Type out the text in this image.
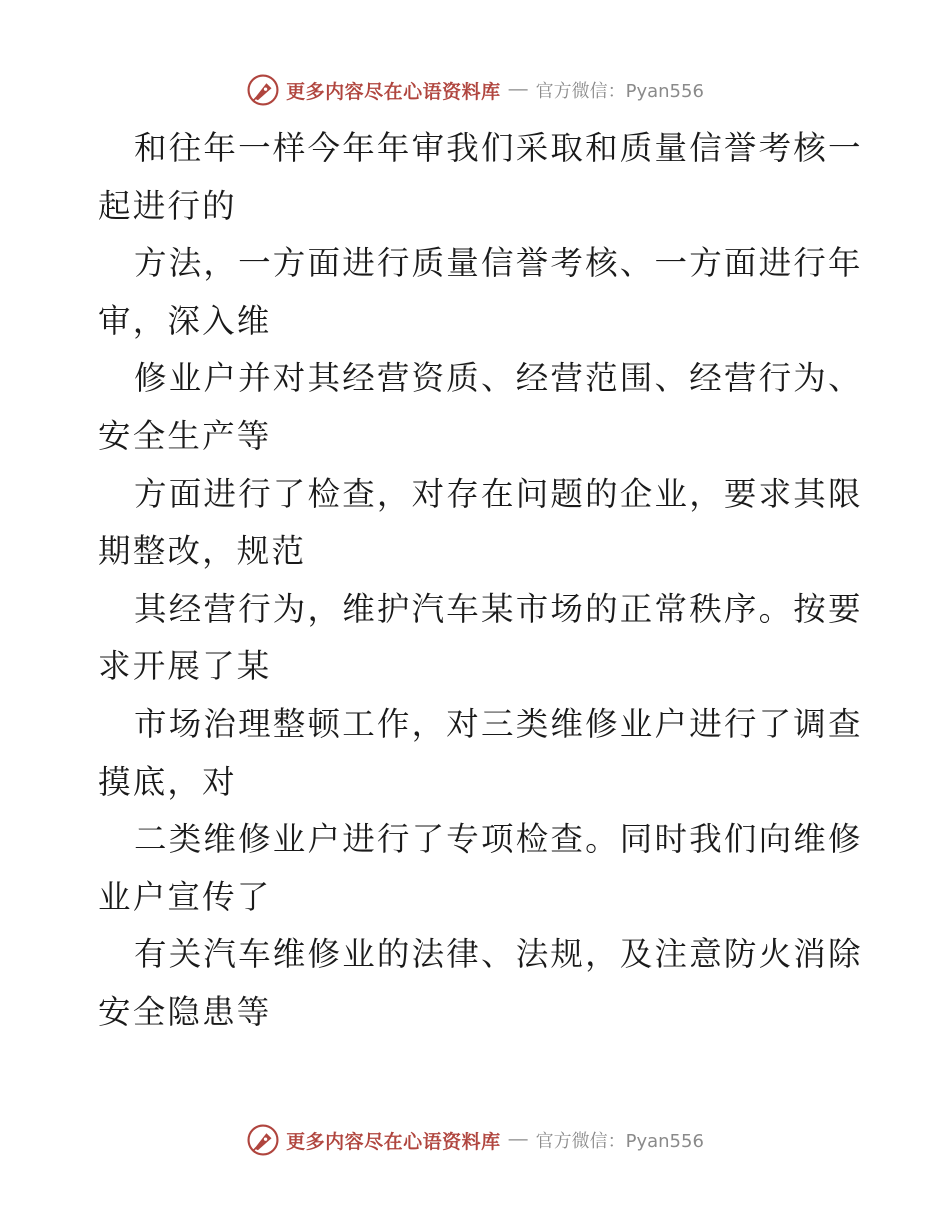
更多内容尽在心语资料库 — 官方微信：Pyan556
和往年一样今年年审我们采取和质量信誉考核一
起进行的
方法，一方面进行质量信誉考核、一方面进行年
审，深入维
修业户并对其经营资质、经营范围、经营行为、
安全生产等
方面进行了检查，对存在问题的企业，要求其限
期整改，规范
其经营行为，维护汽车某市场的正常秩序。按要
求开展了某
市场治理整顿工作，对三类维修业户进行了调查
摸底，对
二类维修业户进行了专项检查。同时我们向维修
业户宣传了
有关汽车维修业的法律、法规，及注意防火消除
安全隐患等
更多内容尽在心语资料库 — 官方微信：Pyan556
